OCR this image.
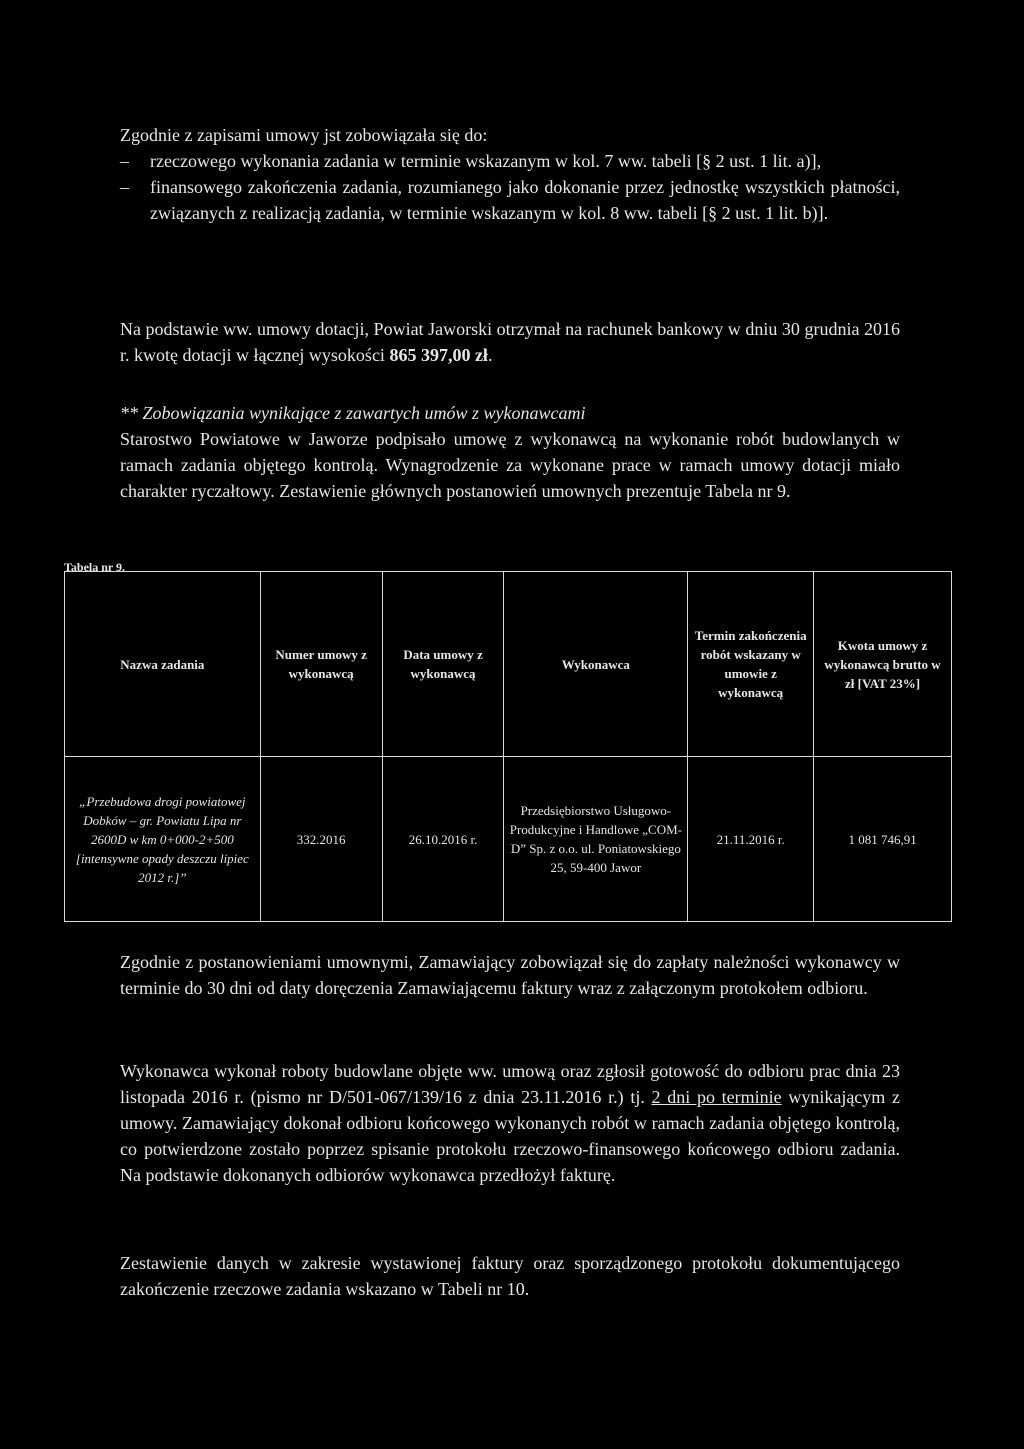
Zgodnie z zapisami umowy jst zobowiązała się do:

– rzeczowego wykonania zadania w terminie wskazanym w kol. 7 ww. tabeli [§ 2 ust. 1 lit. a)],
– finansowego zakończenia zadania, rozumianego jako dokonanie przez jednostkę wszystkich płatności, związanych z realizacją zadania, w terminie wskazanym w kol. 8 ww. tabeli [§ 2 ust. 1 lit. b)].
Na podstawie ww. umowy dotacji, Powiat Jaworski otrzymał na rachunek bankowy w dniu 30 grudnia 2016 r. kwotę dotacji w łącznej wysokości 865 397,00 zł.

** Zobowiązania wynikające z zawartych umów z wykonawcami

Starostwo Powiatowe w Jaworze podpisało umowę z wykonawcą na wykonanie robót budowlanych w ramach zadania objętego kontrolą. Wynagrodzenie za wykonane prace w ramach umowy dotacji miało charakter ryczałtowy. Zestawienie głównych postanowień umownych prezentuje Tabela nr 9.

Tabela nr 9.
Nazwa zadania	Numer umowy z wykonawcą	Data umowy z wykonawcą	Wykonawca	Termin zakończenia robót wskazany w umowie z wykonawcą	Kwota umowy z wykonawcą brutto w zł [VAT 23%]
„Przebudowa drogi powiatowej Dobków – gr. Powiatu Lipa nr 2600D w km 0+000-2+500 [intensywne opady deszczu lipiec 2012 r.]”	332.2016	26.10.2016 r.	Przedsiębiorstwo Usługowo-Produkcyjne i Handlowe „COM-D” Sp. z o.o. ul. Poniatowskiego 25, 59-400 Jawor	21.11.2016 r.	1 081 746,91

Zgodnie z postanowieniami umownymi, Zamawiający zobowiązał się do zapłaty należności wykonawcy w terminie do 30 dni od daty doręczenia Zamawiającemu faktury wraz z załączonym protokołem odbioru.

Wykonawca wykonał roboty budowlane objęte ww. umową oraz zgłosił gotowość do odbioru prac dnia 23 listopada 2016 r. (pismo nr D/501-067/139/16 z dnia 23.11.2016 r.) tj. 2 dni po terminie wynikającym z umowy. Zamawiający dokonał odbioru końcowego wykonanych robót w ramach zadania objętego kontrolą, co potwierdzone zostało poprzez spisanie protokołu rzeczowo-finansowego końcowego odbioru zadania. Na podstawie dokonanych odbiorów wykonawca przedłożył fakturę.

Zestawienie danych w zakresie wystawionej faktury oraz sporządzonego protokołu dokumentującego zakończenie rzeczowe zadania wskazano w Tabeli nr 10.
